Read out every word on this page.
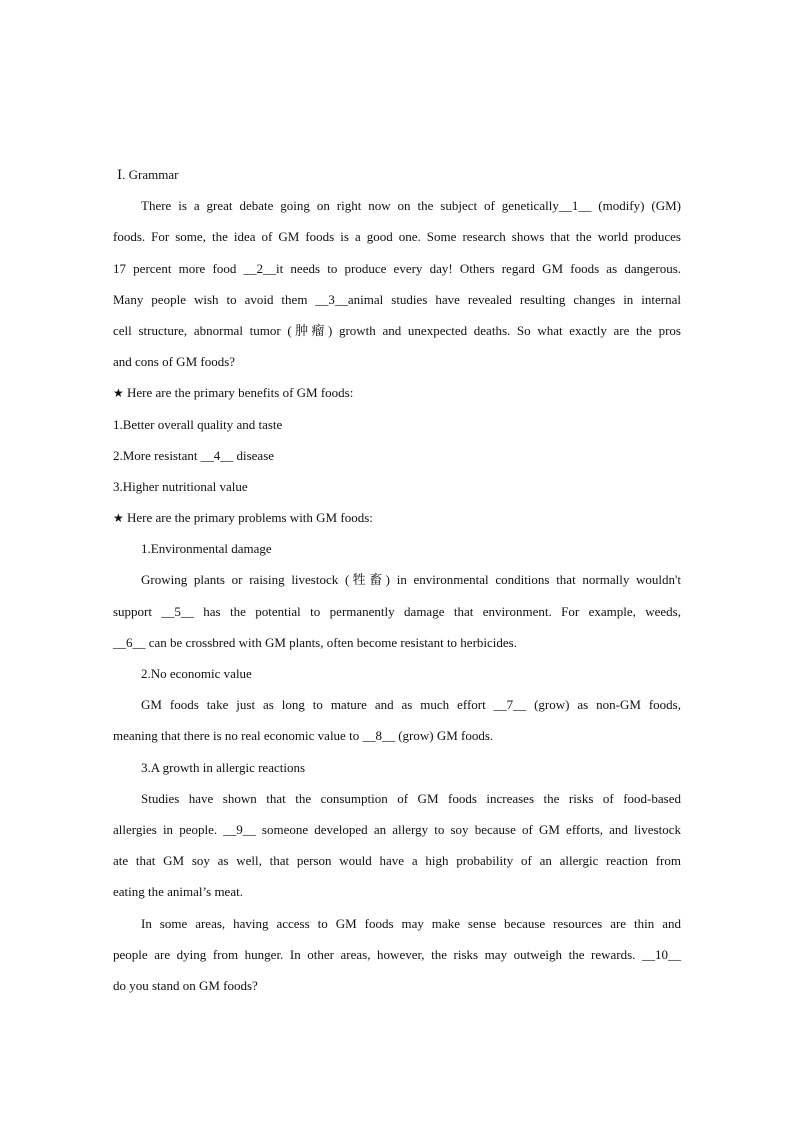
Ⅰ. Grammar
There is a great debate going on right now on the subject of genetically__1__ (modify) (GM)
foods. For some, the idea of GM foods is a good one. Some research shows that the world produces
17 percent more food __2__it needs to produce every day! Others regard GM foods as dangerous.
Many people wish to avoid them __3__animal studies have revealed resulting changes in internal
cell structure, abnormal tumor (肿瘤) growth and unexpected deaths. So what exactly are the pros
and cons of GM foods?
★ Here are the primary benefits of GM foods:
1.Better overall quality and taste
2.More resistant __4__ disease
3.Higher nutritional value
★ Here are the primary problems with GM foods:
1.Environmental damage
Growing plants or raising livestock (牲畜) in environmental conditions that normally wouldn't
support __5__ has the potential to permanently damage that environment. For example, weeds,
__6__ can be crossbred with GM plants, often become resistant to herbicides.
2.No economic value
GM foods take just as long to mature and as much effort __7__ (grow) as non-GM foods,
meaning that there is no real economic value to __8__ (grow) GM foods.
3.A growth in allergic reactions
Studies have shown that the consumption of GM foods increases the risks of food-based
allergies in people. __9__ someone developed an allergy to soy because of GM efforts, and livestock
ate that GM soy as well, that person would have a high probability of an allergic reaction from
eating the animal’s meat.
In some areas, having access to GM foods may make sense because resources are thin and
people are dying from hunger. In other areas, however, the risks may outweigh the rewards. __10__
do you stand on GM foods?
